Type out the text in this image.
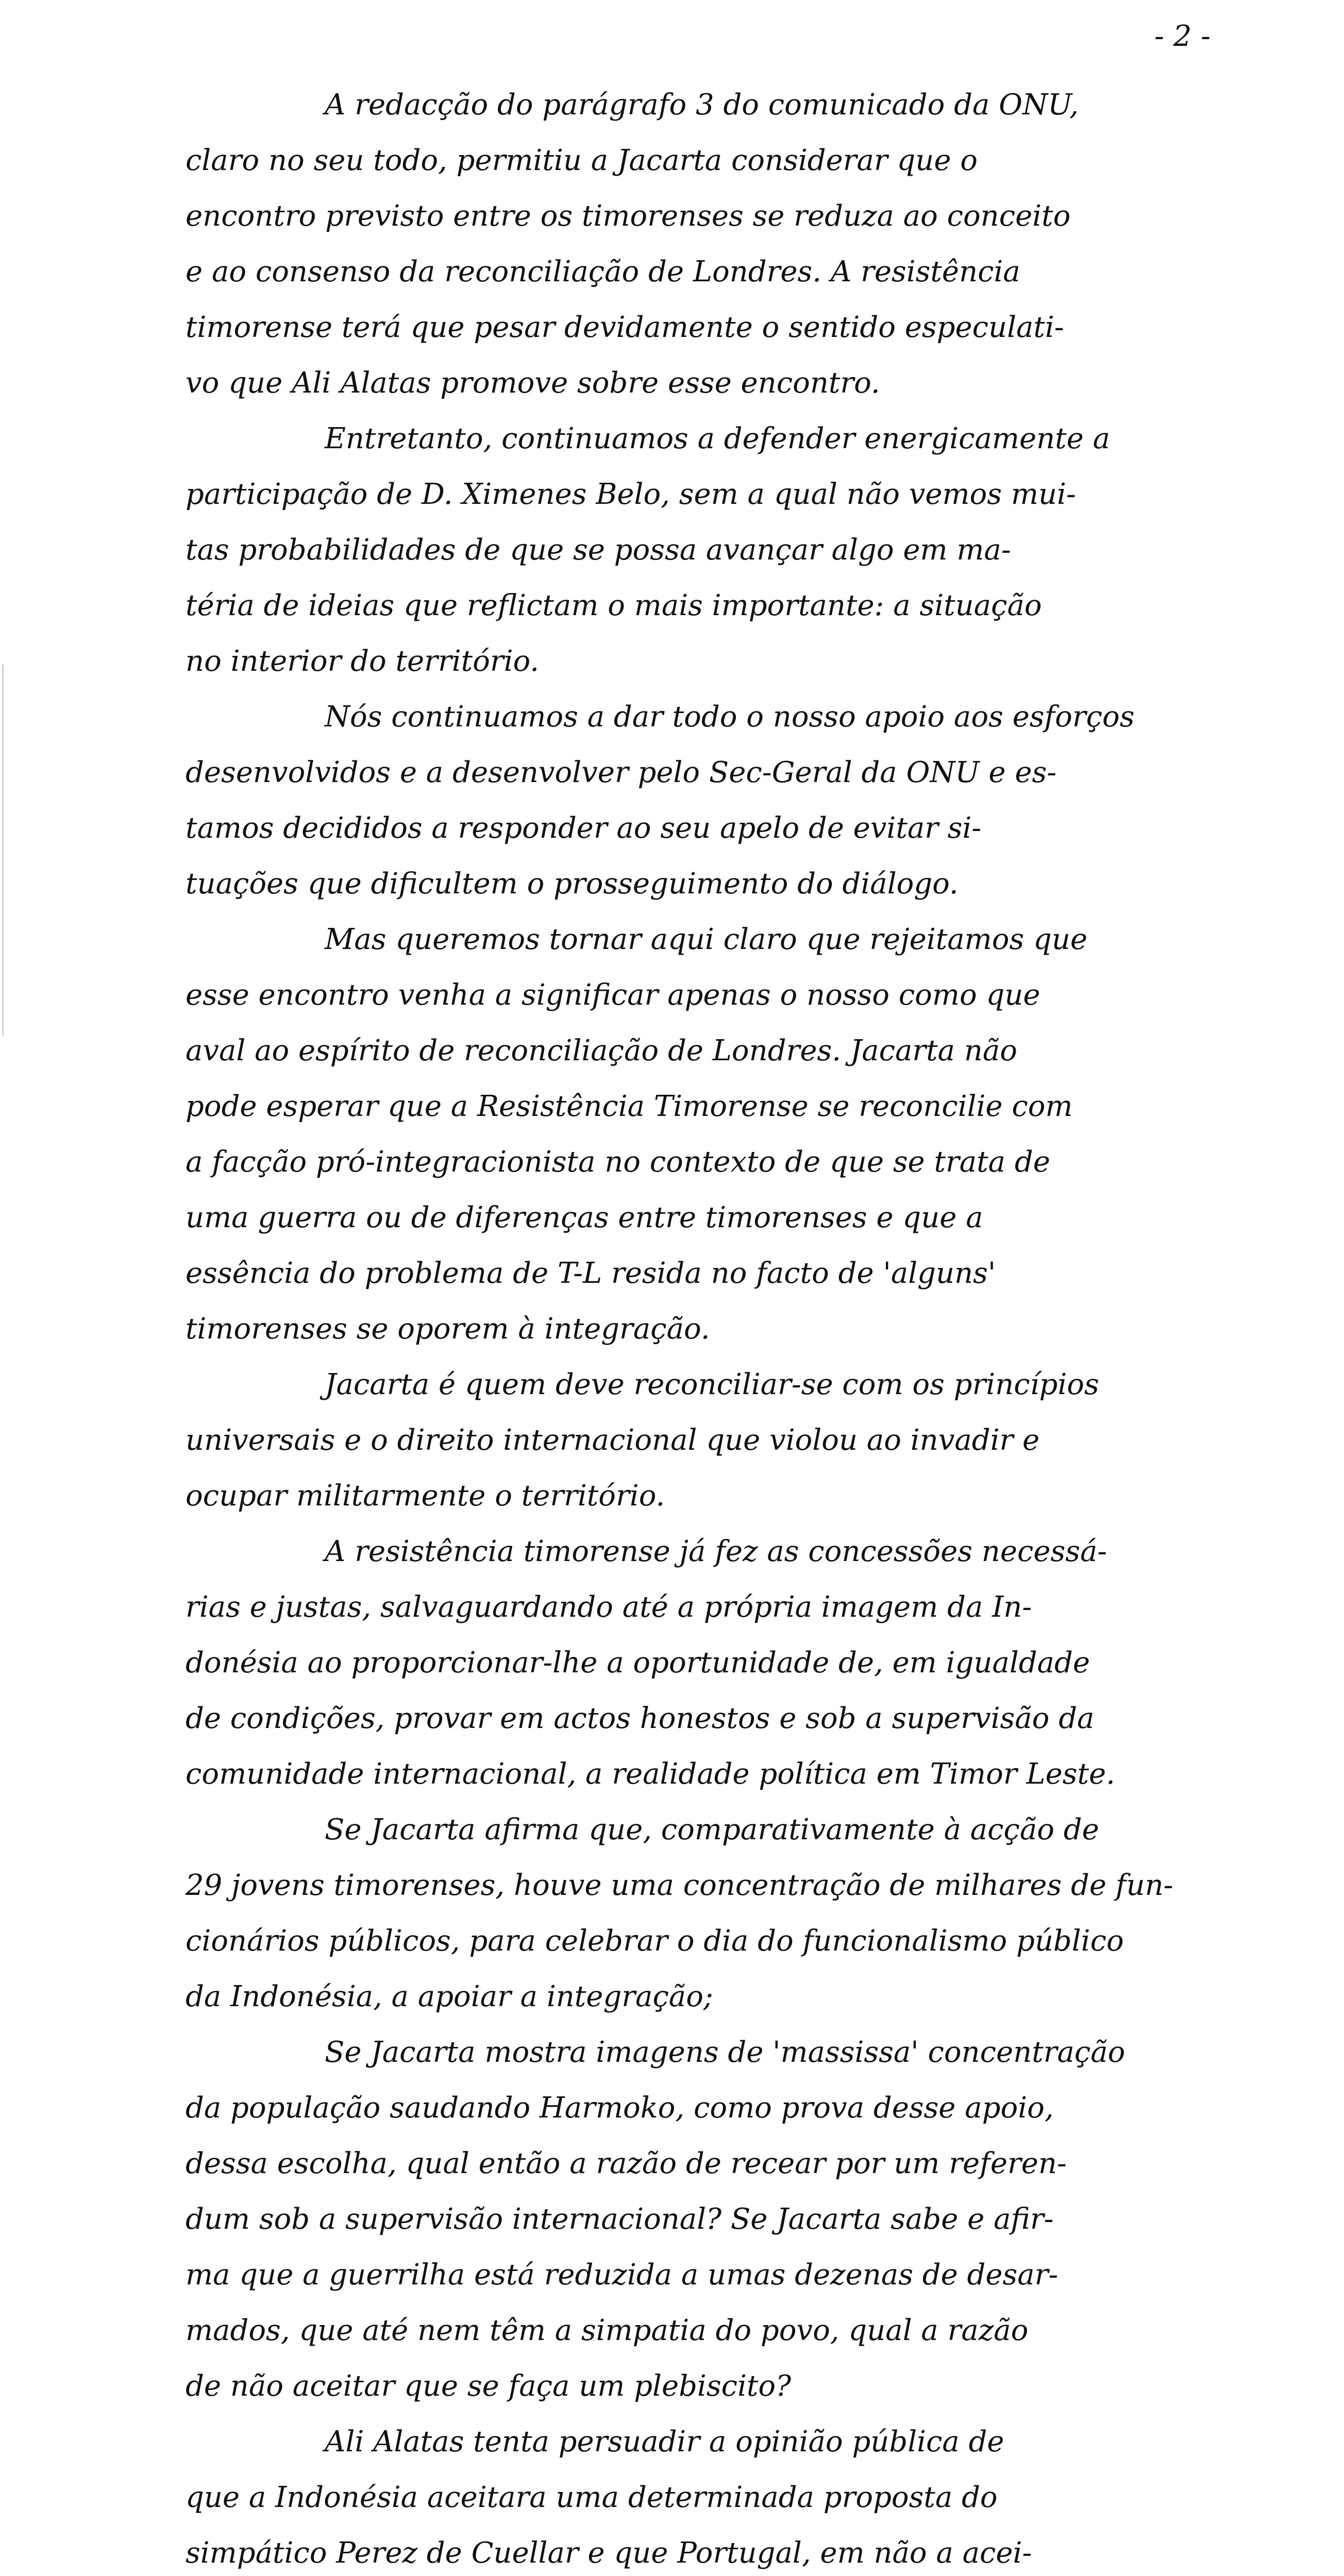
- 2 -
A redacção do parágrafo 3 do comunicado da ONU,
claro no seu todo, permitiu a Jacarta considerar que o
encontro previsto entre os timorenses se reduza ao conceito
e ao consenso da reconciliação de Londres. A resistência
timorense terá que pesar devidamente o sentido especulati-
vo que Ali Alatas promove sobre esse encontro.
Entretanto, continuamos a defender energicamente a
participação de D. Ximenes Belo, sem a qual não vemos mui-
tas probabilidades de que se possa avançar algo em ma-
téria de ideias que reflictam o mais importante: a situação
no interior do território.
Nós continuamos a dar todo o nosso apoio aos esforços
desenvolvidos e a desenvolver pelo Sec-Geral da ONU e es-
tamos decididos a responder ao seu apelo de evitar si-
tuações que dificultem o prosseguimento do diálogo.
Mas queremos tornar aqui claro que rejeitamos que
esse encontro venha a significar apenas o nosso como que
aval ao espírito de reconciliação de Londres. Jacarta não
pode esperar que a Resistência Timorense se reconcilie com
a facção pró-integracionista no contexto de que se trata de
uma guerra ou de diferenças entre timorenses e que a
essência do problema de T-L resida no facto de 'alguns'
timorenses se oporem à integração.
Jacarta é quem deve reconciliar-se com os princípios
universais e o direito internacional que violou ao invadir e
ocupar militarmente o território.
A resistência timorense já fez as concessões necessá-
rias e justas, salvaguardando até a própria imagem da In-
donésia ao proporcionar-lhe a oportunidade de, em igualdade
de condições, provar em actos honestos e sob a supervisão da
comunidade internacional, a realidade política em Timor Leste.
Se Jacarta afirma que, comparativamente à acção de
29 jovens timorenses, houve uma concentração de milhares de fun-
cionários públicos, para celebrar o dia do funcionalismo público
da Indonésia, a apoiar a integração;
Se Jacarta mostra imagens de 'massissa' concentração
da população saudando Harmoko, como prova desse apoio,
dessa escolha, qual então a razão de recear por um referen-
dum sob a supervisão internacional? Se Jacarta sabe e afir-
ma que a guerrilha está reduzida a umas dezenas de desar-
mados, que até nem têm a simpatia do povo, qual a razão
de não aceitar que se faça um plebiscito?
Ali Alatas tenta persuadir a opinião pública de
que a Indonésia aceitara uma determinada proposta do
simpático Perez de Cuellar e que Portugal, em não a acei-
